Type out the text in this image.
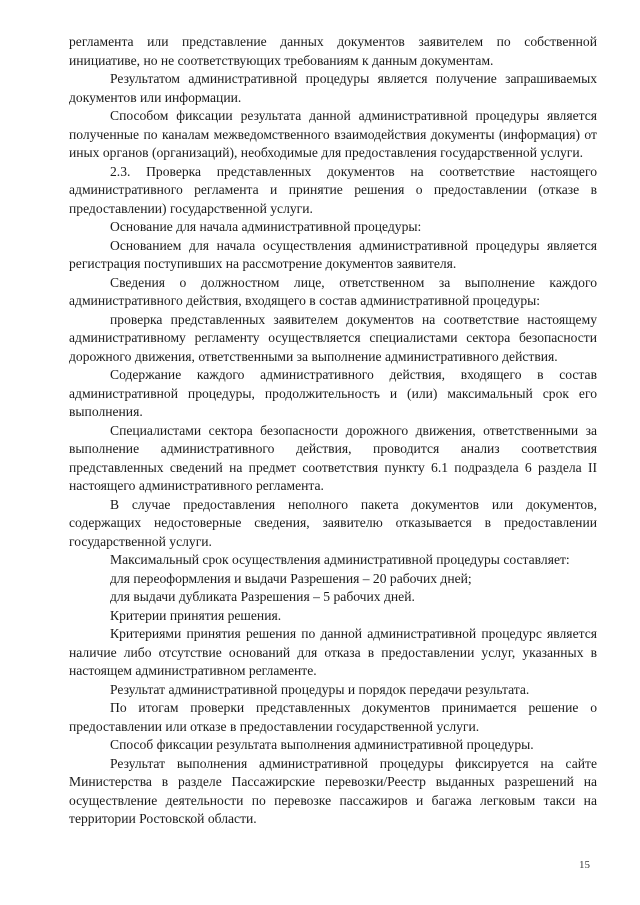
регламента или представление данных документов заявителем по собственной инициативе, но не соответствующих требованиям к данным документам.

Результатом административной процедуры является получение запрашиваемых документов или информации.

Способом фиксации результата данной административной процедуры является полученные по каналам межведомственного взаимодействия документы (информация) от иных органов (организаций), необходимые для предоставления государственной услуги.

2.3. Проверка представленных документов на соответствие настоящего административного регламента и принятие решения о предоставлении (отказе в предоставлении) государственной услуги.

Основание для начала административной процедуры:

Основанием для начала осуществления административной процедуры является регистрация поступивших на рассмотрение документов заявителя.

Сведения о должностном лице, ответственном за выполнение каждого административного действия, входящего в состав административной процедуры:

проверка представленных заявителем документов на соответствие настоящему административному регламенту осуществляется специалистами сектора безопасности дорожного движения, ответственными за выполнение административного действия.

Содержание каждого административного действия, входящего в состав административной процедуры, продолжительность и (или) максимальный срок его выполнения.

Специалистами сектора безопасности дорожного движения, ответственными за выполнение административного действия, проводится анализ соответствия представленных сведений на предмет соответствия пункту 6.1 подраздела 6 раздела II настоящего административного регламента.

В случае предоставления неполного пакета документов или документов, содержащих недостоверные сведения, заявителю отказывается в предоставлении государственной услуги.

Максимальный срок осуществления административной процедуры составляет:

для переоформления и выдачи Разрешения – 20 рабочих дней;

для выдачи дубликата Разрешения – 5 рабочих дней.

Критерии принятия решения.

Критериями принятия решения по данной административной процедурс является наличие либо отсутствие оснований для отказа в предоставлении услуг, указанных в настоящем административном регламенте.

Результат административной процедуры и порядок передачи результата.

По итогам проверки представленных документов принимается решение о предоставлении или отказе в предоставлении государственной услуги.

Способ фиксации результата выполнения административной процедуры.

Результат выполнения административной процедуры фиксируется на сайте Министерства в разделе Пассажирские перевозки/Реестр выданных разрешений на осуществление деятельности по перевозке пассажиров и багажа легковым такси на территории Ростовской области.

15
